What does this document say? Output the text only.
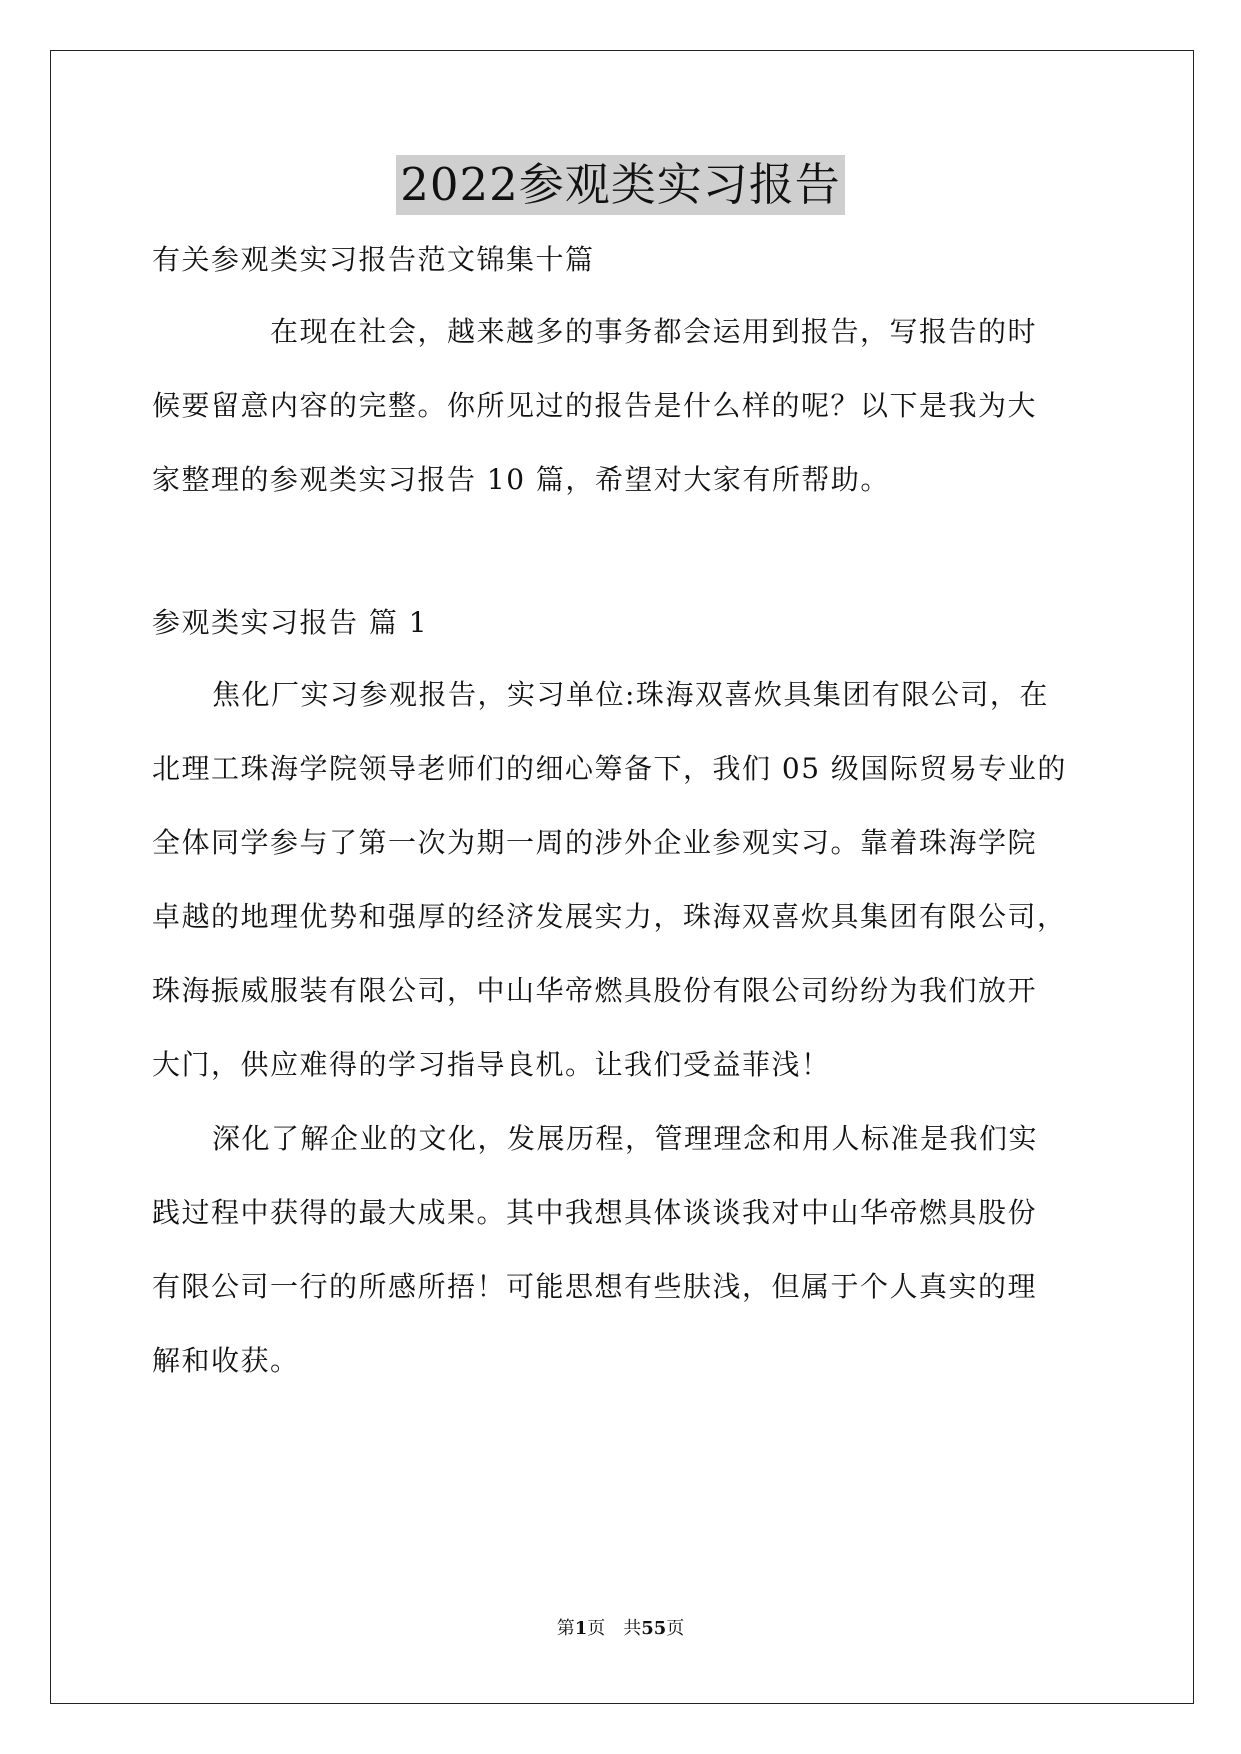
2022参观类实习报告
有关参观类实习报告范文锦集十篇
在现在社会，越来越多的事务都会运用到报告，写报告的时
候要留意内容的完整。你所见过的报告是什么样的呢？以下是我为大
家整理的参观类实习报告 10 篇，希望对大家有所帮助。
参观类实习报告 篇 1
焦化厂实习参观报告，实习单位:珠海双喜炊具集团有限公司，在
北理工珠海学院领导老师们的细心筹备下，我们 05 级国际贸易专业的
全体同学参与了第一次为期一周的涉外企业参观实习。靠着珠海学院
卓越的地理优势和强厚的经济发展实力，珠海双喜炊具集团有限公司，
珠海振威服装有限公司，中山华帝燃具股份有限公司纷纷为我们放开
大门，供应难得的学习指导良机。让我们受益菲浅！
深化了解企业的文化，发展历程，管理理念和用人标准是我们实
践过程中获得的最大成果。其中我想具体谈谈我对中山华帝燃具股份
有限公司一行的所感所捂！可能思想有些肤浅，但属于个人真实的理
解和收获。
第1页　共55页
